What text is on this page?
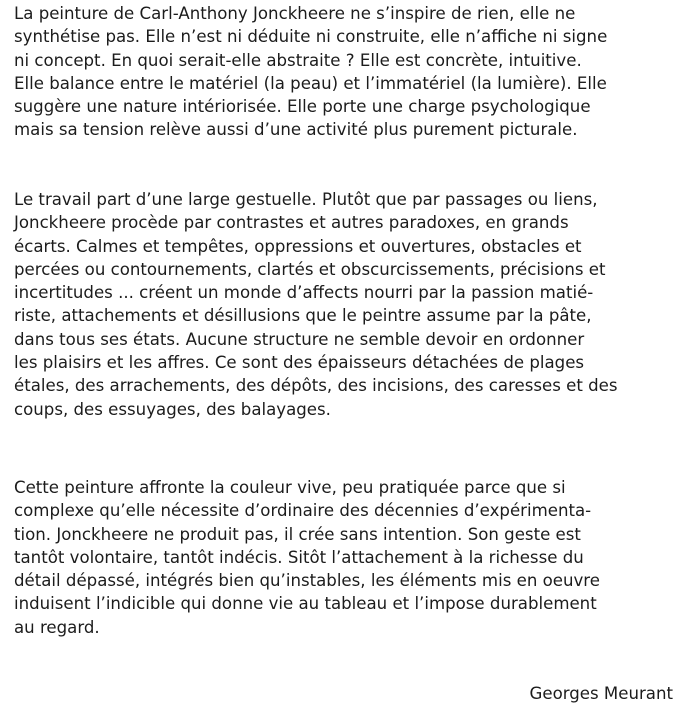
La peinture de Carl-Anthony Jonckheere ne s’inspire de rien, elle ne
synthétise pas. Elle n’est ni déduite ni construite, elle n’affiche ni signe
ni concept. En quoi serait-elle abstraite ? Elle est concrète, intuitive.
Elle balance entre le matériel (la peau) et l’immatériel (la lumière). Elle
suggère une nature intériorisée. Elle porte une charge psychologique
mais sa tension relève aussi d’une activité plus purement picturale.
Le travail part d’une large gestuelle. Plutôt que par passages ou liens,
Jonckheere procède par contrastes et autres paradoxes, en grands
écarts. Calmes et tempêtes, oppressions et ouvertures, obstacles et
percées ou contournements, clartés et obscurcissements, précisions et
incertitudes ... créent un monde d’affects nourri par la passion matié-
riste, attachements et désillusions que le peintre assume par la pâte,
dans tous ses états. Aucune structure ne semble devoir en ordonner
les plaisirs et les affres. Ce sont des épaisseurs détachées de plages
étales, des arrachements, des dépôts, des incisions, des caresses et des
coups, des essuyages, des balayages.
Cette peinture affronte la couleur vive, peu pratiquée parce que si
complexe qu’elle nécessite d’ordinaire des décennies d’expérimenta-
tion. Jonckheere ne produit pas, il crée sans intention. Son geste est
tantôt volontaire, tantôt indécis. Sitôt l’attachement à la richesse du
détail dépassé, intégrés bien qu’instables, les éléments mis en oeuvre
induisent l’indicible qui donne vie au tableau et l’impose durablement
au regard.
Georges Meurant
